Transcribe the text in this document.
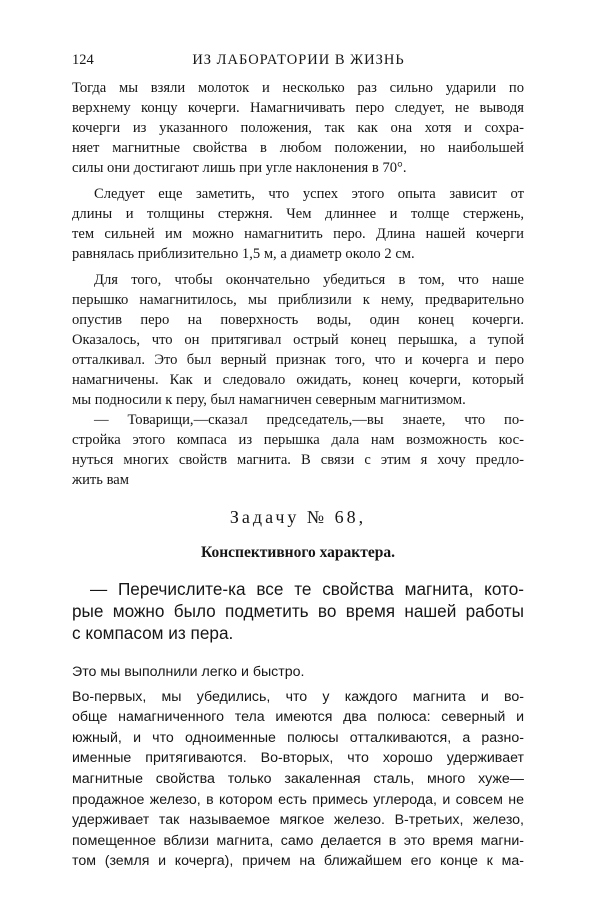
124	ИЗ ЛАБОРАТОРИИ В ЖИЗНЬ
Тогда мы взяли молоток и несколько раз сильно ударили по
верхнему концу кочерги. Намагничивать перо следует, не выводя
кочерги из указанного положения, так как она хотя и сохра-
няет магнитные свойства в любом положении, но наибольшей
силы они достигают лишь при угле наклонения в 70°.
Следует еще заметить, что успех этого опыта зависит от
длины и толщины стержня. Чем длиннее и толще стержень,
тем сильней им можно намагнитить перо. Длина нашей кочерги
равнялась приблизительно 1,5 м, а диаметр около 2 см.
Для того, чтобы окончательно убедиться в том, что наше
перышко намагнитилось, мы приблизили к нему, предварительно
опустив перо на поверхность воды, один конец кочерги.
Оказалось, что он притягивал острый конец перышка, а тупой
отталкивал. Это был верный признак того, что и кочерга и перо
намагничены. Как и следовало ожидать, конец кочерги, который
мы подносили к перу, был намагничен северным магнитизмом.
— Товарищи,—сказал председатель,—вы знаете, что по-
стройка этого компаса из перышка дала нам возможность кос-
нуться многих свойств магнита. В связи с этим я хочу предло-
жить вам
Задачу № 68,
Конспективного характера.
— Перечислите-ка все те свойства магнита, кото-
рые можно было подметить во время нашей работы
с компасом из пера.
Это мы выполнили легко и быстро.
Во-первых, мы убедились, что у каждого магнита и во-
обще намагниченного тела имеются два полюса: северный и
южный, и что одноименные полюсы отталкиваются, а разно-
именные притягиваются. Во-вторых, что хорошо удерживает
магнитные свойства только закаленная сталь, много хуже—
продажное железо, в котором есть примесь углерода, и совсем не
удерживает так называемое мягкое железо. В-третьих, железо,
помещенное вблизи магнита, само делается в это время магни-
том (земля и кочерга), причем на ближайшем его конце к ма-
